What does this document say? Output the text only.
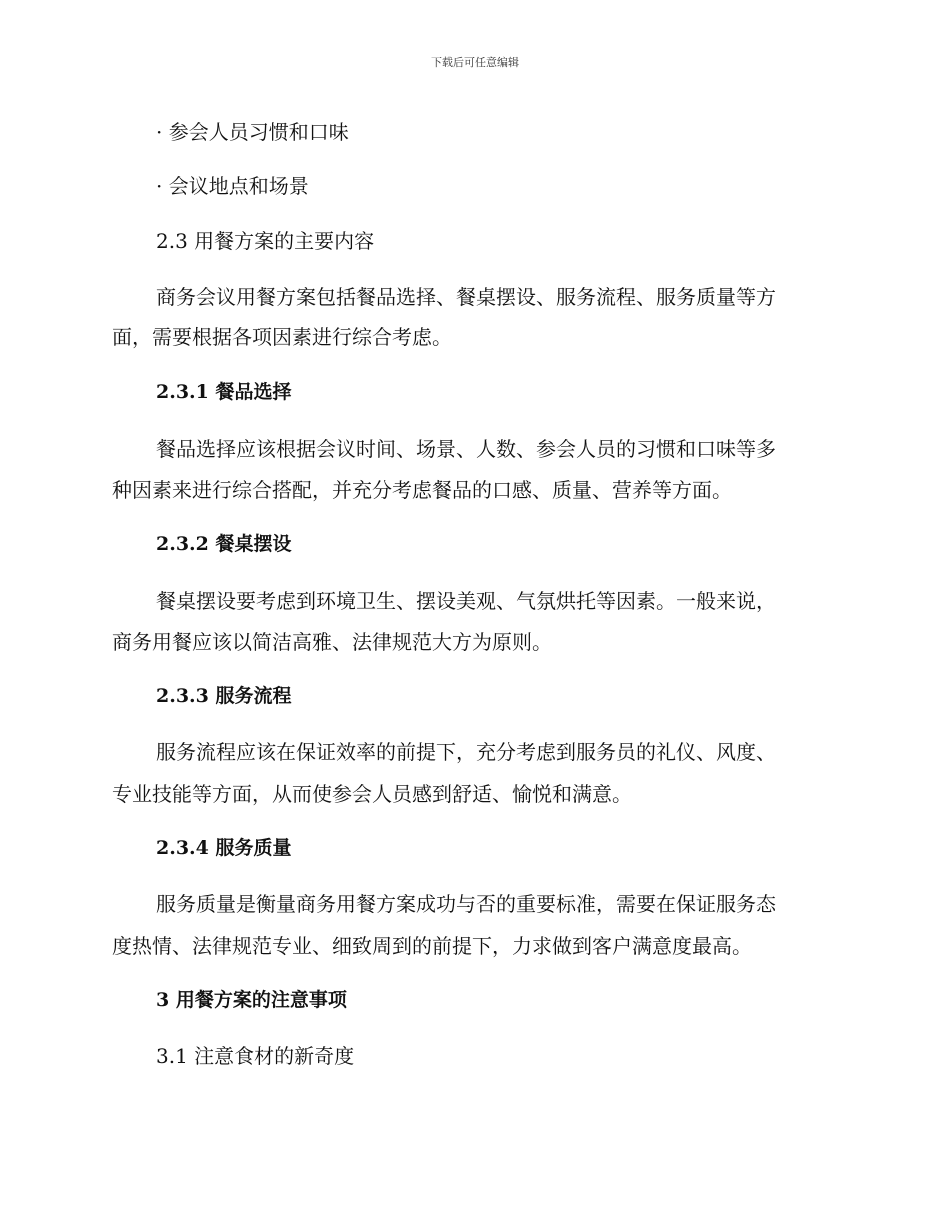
下载后可任意编辑
· 参会人员习惯和口味
· 会议地点和场景
2.3 用餐方案的主要内容
商务会议用餐方案包括餐品选择、餐桌摆设、服务流程、服务质量等方
面，需要根据各项因素进行综合考虑。
2.3.1 餐品选择
餐品选择应该根据会议时间、场景、人数、参会人员的习惯和口味等多
种因素来进行综合搭配，并充分考虑餐品的口感、质量、营养等方面。
2.3.2 餐桌摆设
餐桌摆设要考虑到环境卫生、摆设美观、气氛烘托等因素。一般来说，
商务用餐应该以简洁高雅、法律规范大方为原则。
2.3.3 服务流程
服务流程应该在保证效率的前提下，充分考虑到服务员的礼仪、风度、
专业技能等方面，从而使参会人员感到舒适、愉悦和满意。
2.3.4 服务质量
服务质量是衡量商务用餐方案成功与否的重要标准，需要在保证服务态
度热情、法律规范专业、细致周到的前提下，力求做到客户满意度最高。
3 用餐方案的注意事项
3.1 注意食材的新奇度
